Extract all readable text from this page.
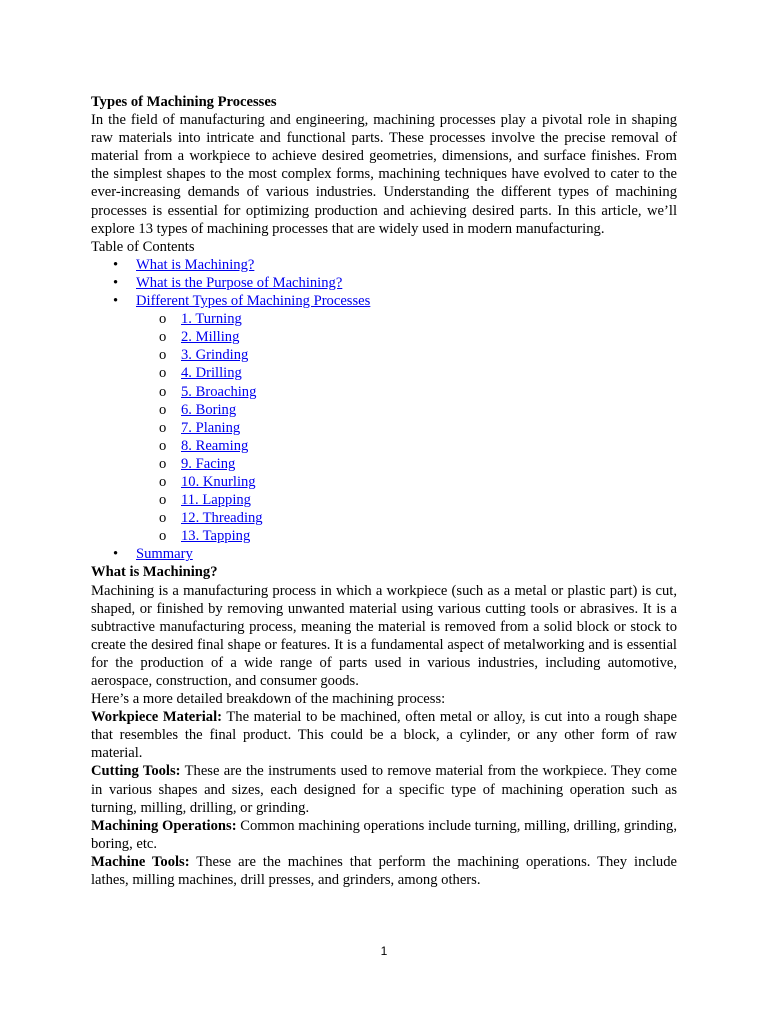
Types of Machining Processes

In the field of manufacturing and engineering, machining processes play a pivotal role in shaping raw materials into intricate and functional parts. These processes involve the precise removal of material from a workpiece to achieve desired geometries, dimensions, and surface finishes. From the simplest shapes to the most complex forms, machining techniques have evolved to cater to the ever-increasing demands of various industries. Understanding the different types of machining processes is essential for optimizing production and achieving desired parts. In this article, we’ll explore 13 types of machining processes that are widely used in modern manufacturing.

Table of Contents

• What is Machining?
• What is the Purpose of Machining?
• Different Types of Machining Processes
o 1. Turning
o 2. Milling
o 3. Grinding
o 4. Drilling
o 5. Broaching
o 6. Boring
o 7. Planing
o 8. Reaming
o 9. Facing
o 10. Knurling
o 11. Lapping
o 12. Threading
o 13. Tapping
• Summary

What is Machining?

Machining is a manufacturing process in which a workpiece (such as a metal or plastic part) is cut, shaped, or finished by removing unwanted material using various cutting tools or abrasives. It is a subtractive manufacturing process, meaning the material is removed from a solid block or stock to create the desired final shape or features. It is a fundamental aspect of metalworking and is essential for the production of a wide range of parts used in various industries, including automotive, aerospace, construction, and consumer goods.

Here’s a more detailed breakdown of the machining process:

Workpiece Material: The material to be machined, often metal or alloy, is cut into a rough shape that resembles the final product. This could be a block, a cylinder, or any other form of raw material.

Cutting Tools: These are the instruments used to remove material from the workpiece. They come in various shapes and sizes, each designed for a specific type of machining operation such as turning, milling, drilling, or grinding.

Machining Operations: Common machining operations include turning, milling, drilling, grinding, boring, etc.

Machine Tools: These are the machines that perform the machining operations. They include lathes, milling machines, drill presses, and grinders, among others.

1
